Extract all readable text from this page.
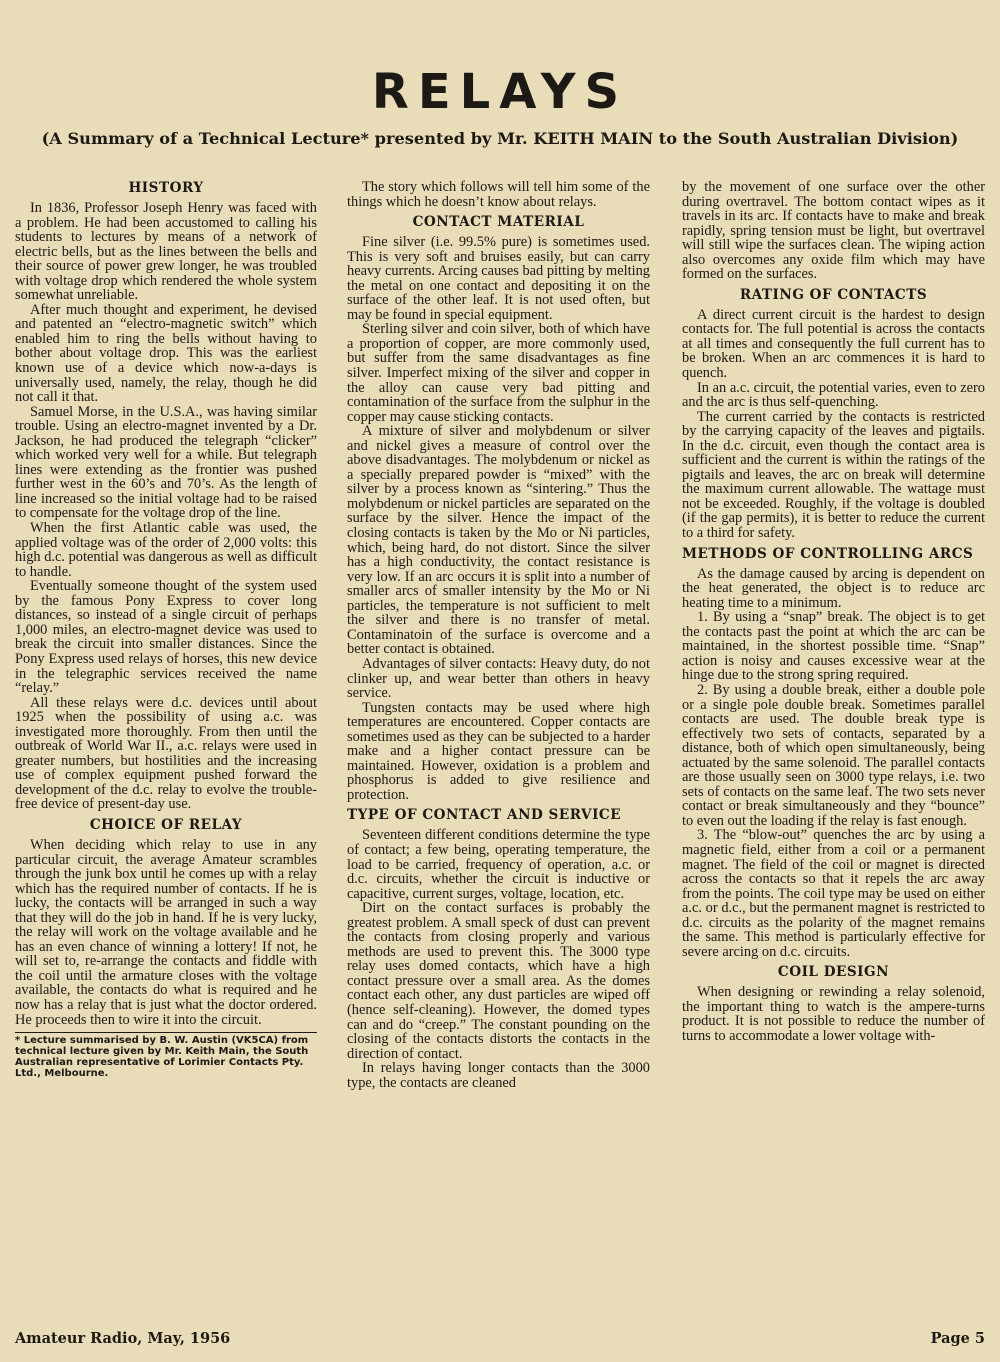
RELAYS
(A Summary of a Technical Lecture* presented by Mr. KEITH MAIN to the South Australian Division)
HISTORY

In 1836, Professor Joseph Henry was faced with a problem. He had been accustomed to calling his students to lectures by means of a network of electric bells, but as the lines between the bells and their source of power grew longer, he was troubled with voltage drop which rendered the whole system somewhat unreliable.

After much thought and experiment, he devised and patented an “electro-magnetic switch” which enabled him to ring the bells without having to bother about voltage drop. This was the earliest known use of a device which now-a-days is universally used, namely, the relay, though he did not call it that.

Samuel Morse, in the U.S.A., was having similar trouble. Using an electro-magnet invented by a Dr. Jackson, he had produced the telegraph “clicker” which worked very well for a while. But telegraph lines were extending as the frontier was pushed further west in the 60’s and 70’s. As the length of line increased so the initial voltage had to be raised to compensate for the voltage drop of the line.

When the first Atlantic cable was used, the applied voltage was of the order of 2,000 volts: this high d.c. potential was dangerous as well as difficult to handle.

Eventually someone thought of the system used by the famous Pony Express to cover long distances, so instead of a single circuit of perhaps 1,000 miles, an electro-magnet device was used to break the circuit into smaller distances. Since the Pony Express used relays of horses, this new device in the telegraphic services received the name “relay.”

All these relays were d.c. devices until about 1925 when the possibility of using a.c. was investigated more thoroughly. From then until the outbreak of World War II., a.c. relays were used in greater numbers, but hostilities and the increasing use of complex equipment pushed forward the development of the d.c. relay to evolve the trouble-free device of present-day use.

CHOICE OF RELAY

When deciding which relay to use in any particular circuit, the average Amateur scrambles through the junk box until he comes up with a relay which has the required number of contacts. If he is lucky, the contacts will be arranged in such a way that they will do the job in hand. If he is very lucky, the relay will work on the voltage available and he has an even chance of winning a lottery! If not, he will set to, re-arrange the contacts and fiddle with the coil until the armature closes with the voltage available, the contacts do what is required and he now has a relay that is just what the doctor ordered. He proceeds then to wire it into the circuit.

* Lecture summarised by B. W. Austin (VK5CA) from technical lecture given by Mr. Keith Main, the South Australian representative of Lorimier Contacts Pty. Ltd., Melbourne.

The story which follows will tell him some of the things which he doesn’t know about relays.

CONTACT MATERIAL

Fine silver (i.e. 99.5% pure) is sometimes used. This is very soft and bruises easily, but can carry heavy currents. Arcing causes bad pitting by melting the metal on one contact and depositing it on the surface of the other leaf. It is not used often, but may be found in special equipment.

Sterling silver and coin silver, both of which have a proportion of copper, are more commonly used, but suffer from the same disadvantages as fine silver. Imperfect mixing of the silver and copper in the alloy can cause very bad pitting and contamination of the surface from the sulphur in the copper may cause sticking contacts.

A mixture of silver and molybdenum or silver and nickel gives a measure of control over the above disadvantages. The molybdenum or nickel as a specially prepared powder is “mixed” with the silver by a process known as “sintering.” Thus the molybdenum or nickel particles are separated on the surface by the silver. Hence the impact of the closing contacts is taken by the Mo or Ni particles, which, being hard, do not distort. Since the silver has a high conductivity, the contact resistance is very low. If an arc occurs it is split into a number of smaller arcs of smaller intensity by the Mo or Ni particles, the temperature is not sufficient to melt the silver and there is no transfer of metal. Contaminatoin of the surface is overcome and a better contact is obtained.

Advantages of silver contacts: Heavy duty, do not clinker up, and wear better than others in heavy service.

Tungsten contacts may be used where high temperatures are encountered. Copper contacts are sometimes used as they can be subjected to a harder make and a higher contact pressure can be maintained. However, oxidation is a problem and phosphorus is added to give resilience and protection.

TYPE OF CONTACT AND SERVICE

Seventeen different conditions determine the type of contact; a few being, operating temperature, the load to be carried, frequency of operation, a.c. or d.c. circuits, whether the circuit is inductive or capacitive, current surges, voltage, location, etc.

Dirt on the contact surfaces is probably the greatest problem. A small speck of dust can prevent the contacts from closing properly and various methods are used to prevent this. The 3000 type relay uses domed contacts, which have a high contact pressure over a small area. As the domes contact each other, any dust particles are wiped off (hence self-cleaning). However, the domed types can and do “creep.” The constant pounding on the closing of the contacts distorts the contacts in the direction of contact.

In relays having longer contacts than the 3000 type, the contacts are cleaned

by the movement of one surface over the other during overtravel. The bottom contact wipes as it travels in its arc. If contacts have to make and break rapidly, spring tension must be light, but overtravel will still wipe the surfaces clean. The wiping action also overcomes any oxide film which may have formed on the surfaces.

RATING OF CONTACTS

A direct current circuit is the hardest to design contacts for. The full potential is across the contacts at all times and consequently the full current has to be broken. When an arc commences it is hard to quench.

In an a.c. circuit, the potential varies, even to zero and the arc is thus self-quenching.

The current carried by the contacts is restricted by the carrying capacity of the leaves and pigtails. In the d.c. circuit, even though the contact area is sufficient and the current is within the ratings of the pigtails and leaves, the arc on break will determine the maximum current allowable. The wattage must not be exceeded. Roughly, if the voltage is doubled (if the gap permits), it is better to reduce the current to a third for safety.

METHODS OF CONTROLLING ARCS

As the damage caused by arcing is dependent on the heat generated, the object is to reduce arc heating time to a minimum.

1. By using a “snap” break. The object is to get the contacts past the point at which the arc can be maintained, in the shortest possible time. “Snap” action is noisy and causes excessive wear at the hinge due to the strong spring required.

2. By using a double break, either a double pole or a single pole double break. Sometimes parallel contacts are used. The double break type is effectively two sets of contacts, separated by a distance, both of which open simultaneously, being actuated by the same solenoid. The parallel contacts are those usually seen on 3000 type relays, i.e. two sets of contacts on the same leaf. The two sets never contact or break simultaneously and they “bounce” to even out the loading if the relay is fast enough.

3. The “blow-out” quenches the arc by using a magnetic field, either from a coil or a permanent magnet. The field of the coil or magnet is directed across the contacts so that it repels the arc away from the points. The coil type may be used on either a.c. or d.c., but the permanent magnet is restricted to d.c. circuits as the polarity of the magnet remains the same. This method is particularly effective for severe arcing on d.c. circuits.

COIL DESIGN

When designing or rewinding a relay solenoid, the important thing to watch is the ampere-turns product. It is not possible to reduce the number of turns to accommodate a lower voltage with-

Amateur Radio, May, 1956	Page 5
